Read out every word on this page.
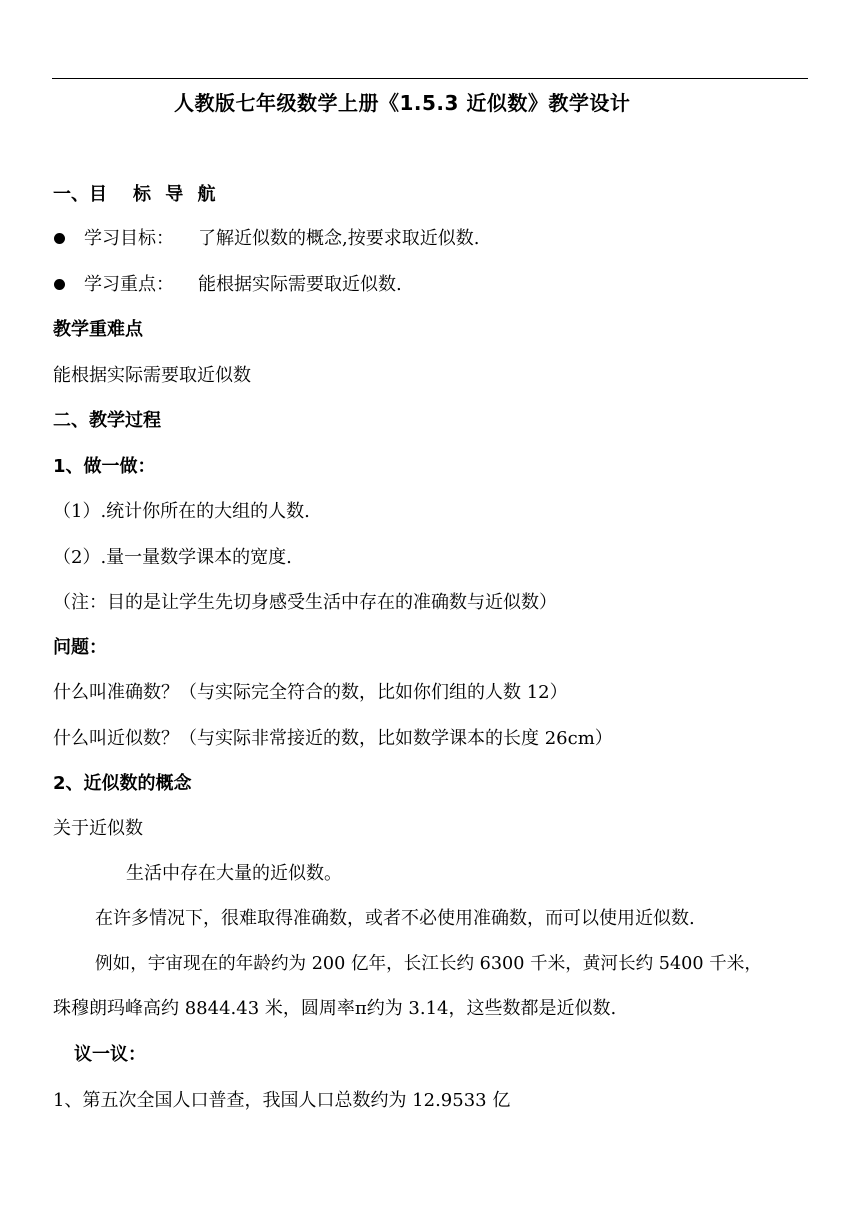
人教版七年级数学上册《1.5.3 近似数》教学设计
一、目 标 导 航
学习目标： 了解近似数的概念,按要求取近似数.
学习重点： 能根据实际需要取近似数.
教学重难点
能根据实际需要取近似数
二、教学过程
1、做一做：
（1）.统计你所在的大组的人数.
（2）.量一量数学课本的宽度.
（注：目的是让学生先切身感受生活中存在的准确数与近似数）
问题：
什么叫准确数？（与实际完全符合的数，比如你们组的人数 12）
什么叫近似数？（与实际非常接近的数，比如数学课本的长度 26cm）
2、近似数的概念
关于近似数
生活中存在大量的近似数。
在许多情况下，很难取得准确数，或者不必使用准确数，而可以使用近似数.
例如，宇宙现在的年龄约为 200 亿年，长江长约 6300 千米，黄河长约 5400 千米，
珠穆朗玛峰高约 8844.43 米，圆周率π约为 3.14，这些数都是近似数.
议一议：
1、第五次全国人口普查，我国人口总数约为 12.9533 亿
